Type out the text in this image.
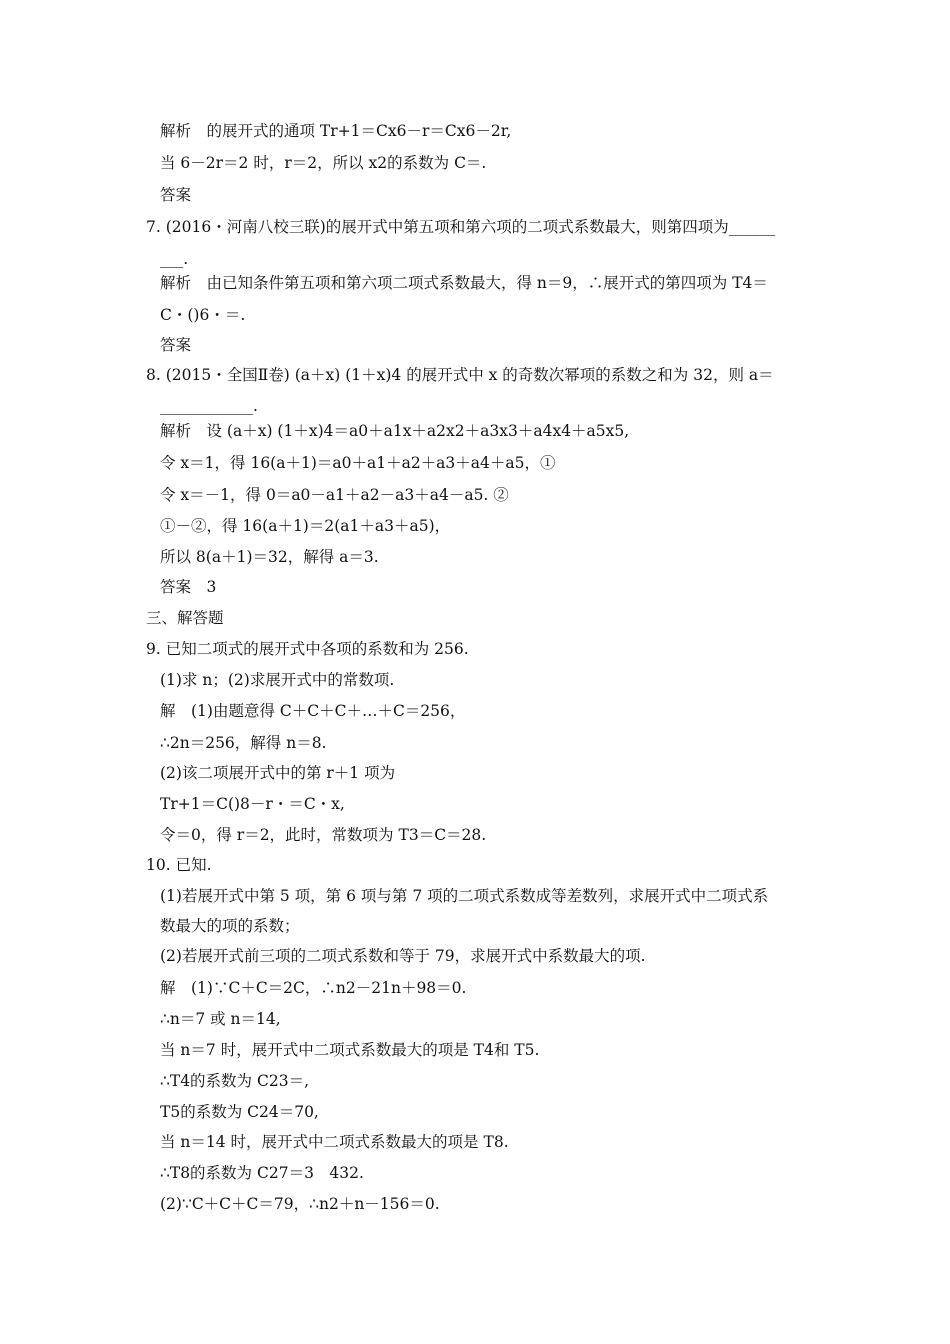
解析　的展开式的通项 Tr+1＝Cx6－r＝Cx6－2r,
当 6－2r＝2 时，r＝2，所以 x2的系数为 C＝.
答案
7. (2016・河南八校三联)的展开式中第五项和第六项的二项式系数最大，则第四项为______
___.
解析　由已知条件第五项和第六项二项式系数最大，得 n＝9，∴展开式的第四项为 T4＝
C・()6・＝.
答案
8. (2015・全国Ⅱ卷) (a＋x) (1＋x)4 的展开式中 x 的奇数次幂项的系数之和为 32，则 a＝
____________.
解析　设 (a＋x) (1＋x)4＝a0＋a1x＋a2x2＋a3x3＋a4x4＋a5x5,
令 x＝1，得 16(a＋1)＝a0＋a1＋a2＋a3＋a4＋a5，①
令 x＝－1，得 0＝a0－a1＋a2－a3＋a4－a5. ②
①－②，得 16(a＋1)＝2(a1＋a3＋a5)，
所以 8(a＋1)＝32，解得 a＝3.
答案　3
三、解答题
9. 已知二项式的展开式中各项的系数和为 256.
(1)求 n；(2)求展开式中的常数项.
解　(1)由题意得 C＋C＋C＋…＋C＝256，
∴2n＝256，解得 n＝8.
(2)该二项展开式中的第 r＋1 项为
Tr+1＝C()8－r・＝C・x,
令＝0，得 r＝2，此时，常数项为 T3＝C＝28.
10. 已知.
(1)若展开式中第 5 项，第 6 项与第 7 项的二项式系数成等差数列，求展开式中二项式系
数最大的项的系数；
(2)若展开式前三项的二项式系数和等于 79，求展开式中系数最大的项.
解　(1)∵C＋C＝2C，∴n2－21n＋98＝0.
∴n＝7 或 n＝14,
当 n＝7 时，展开式中二项式系数最大的项是 T4和 T5.
∴T4的系数为 C23＝,
T5的系数为 C24＝70,
当 n＝14 时，展开式中二项式系数最大的项是 T8.
∴T8的系数为 C27＝3　432.
(2)∵C＋C＋C＝79，∴n2＋n－156＝0.
